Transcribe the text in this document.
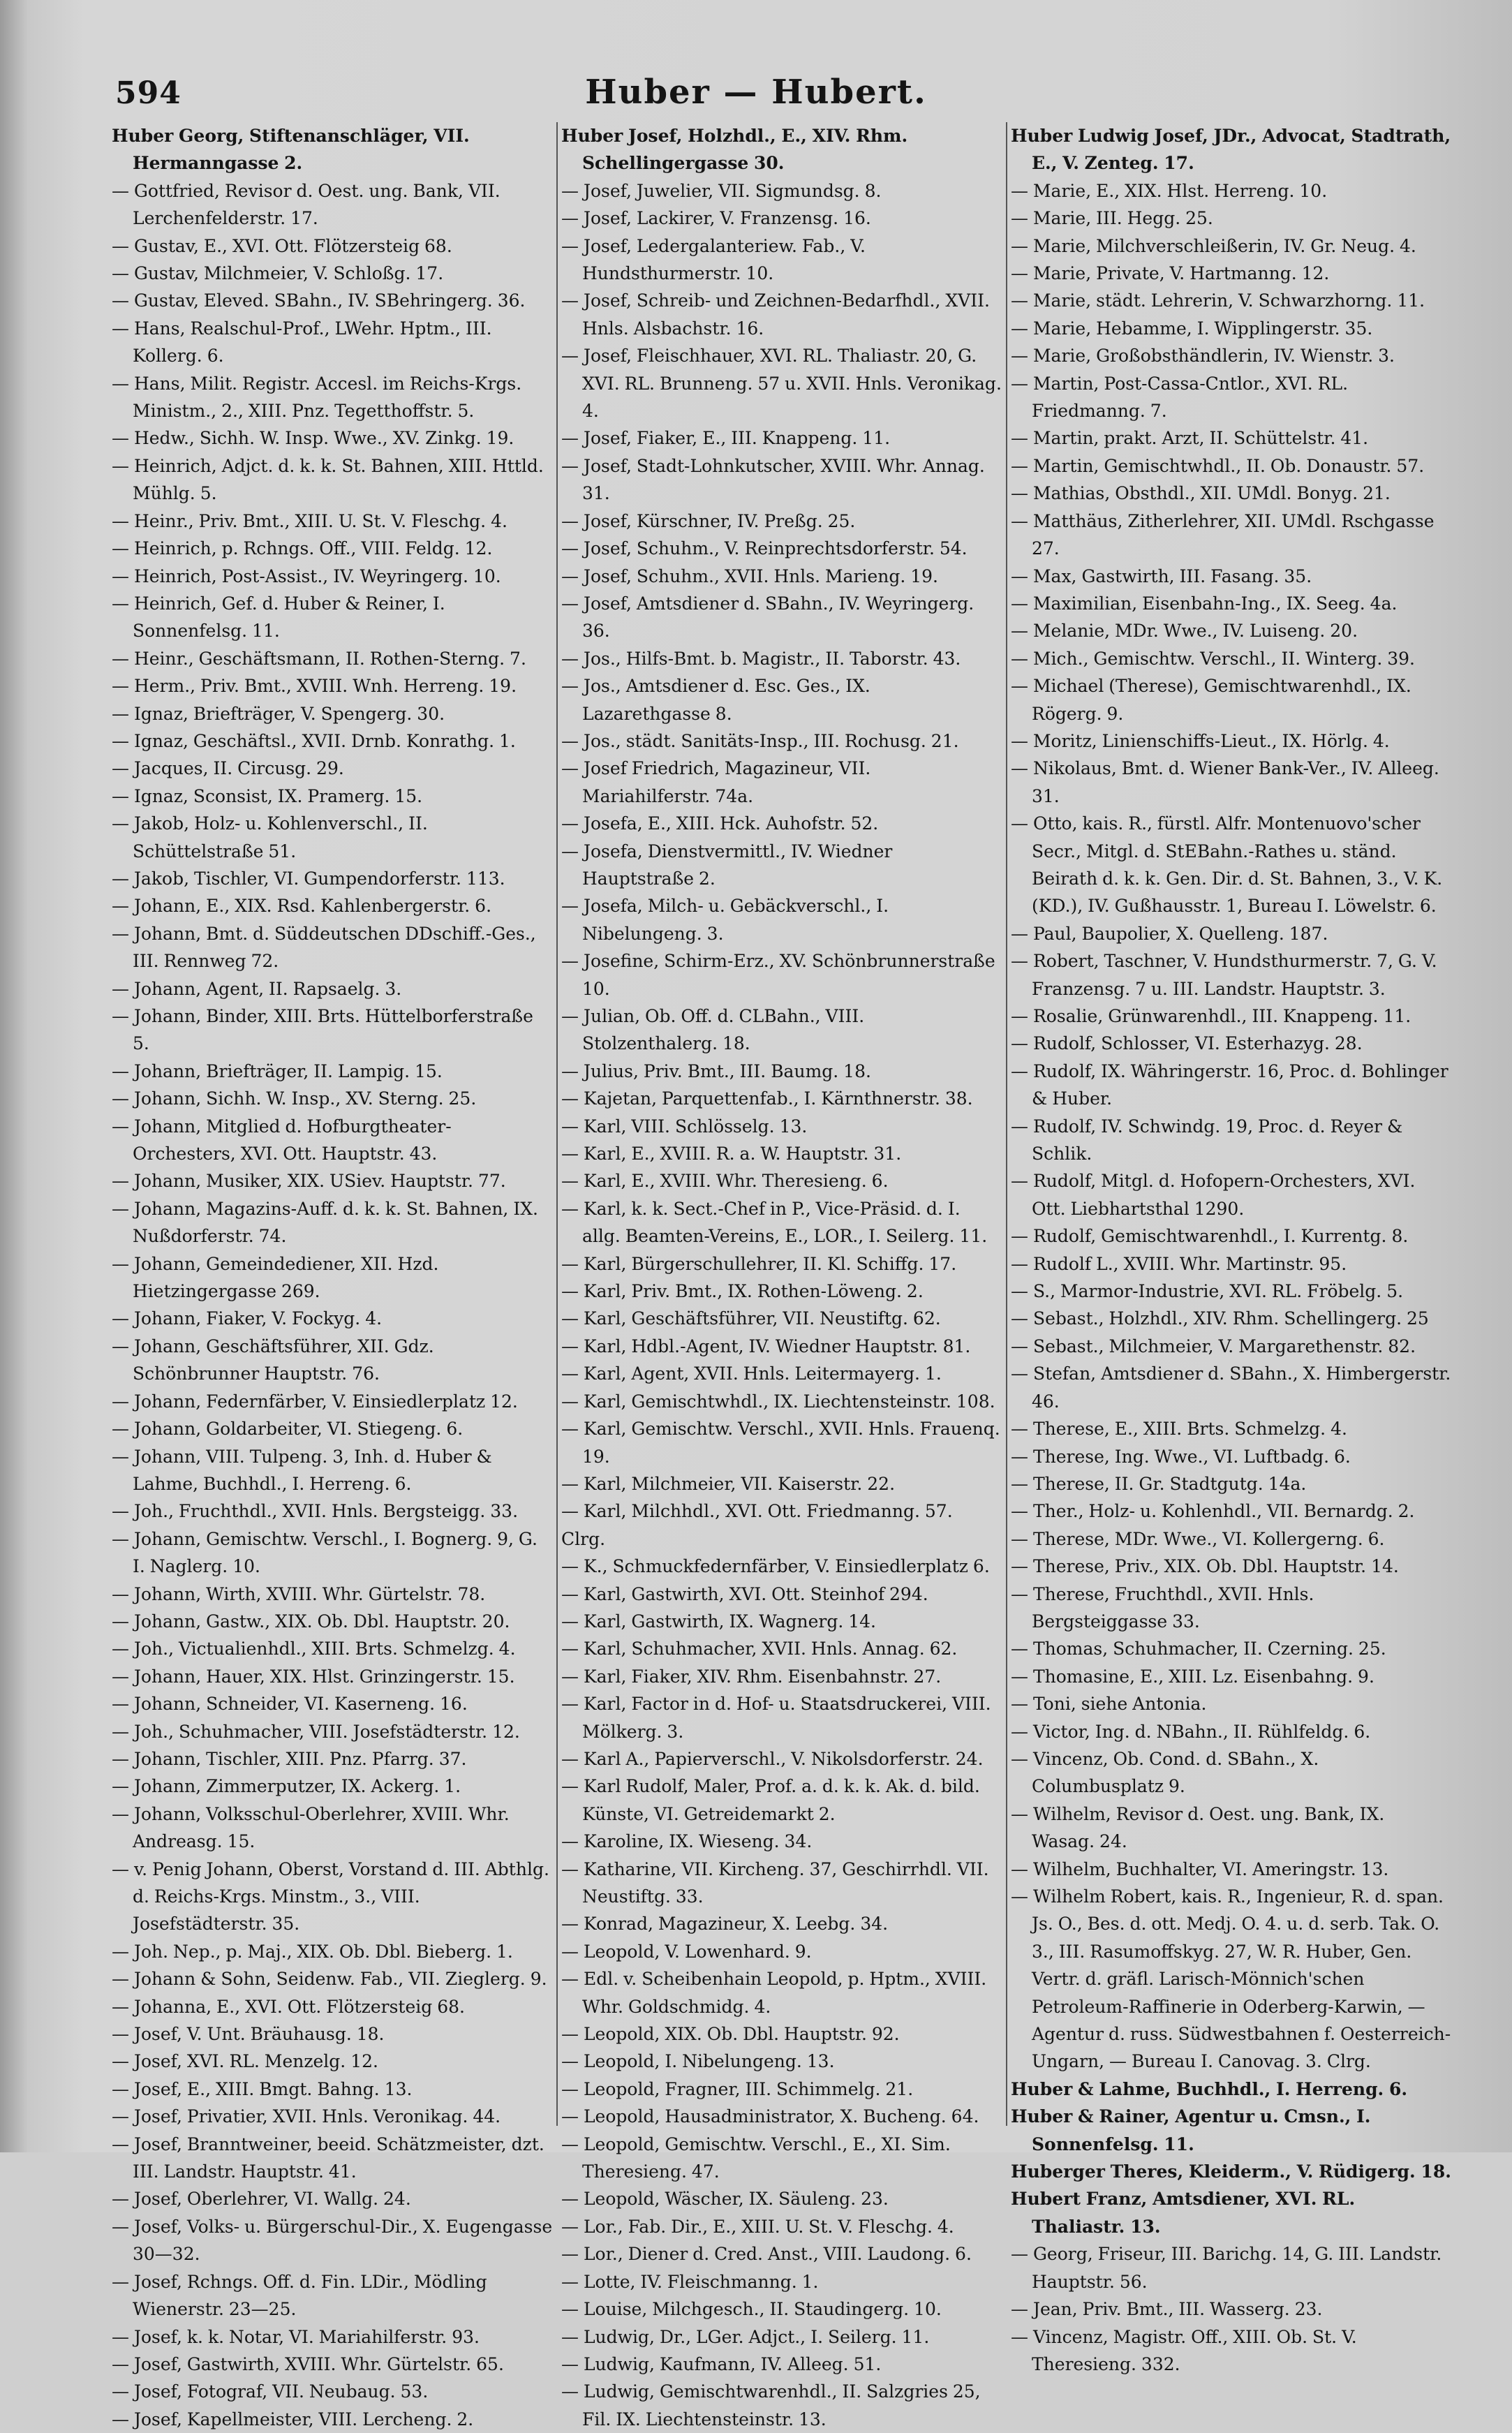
594	Huber — Hubert.
Huber Georg, Stiftenanschläger, VII. Hermanngasse 2.
— Gottfried, Revisor d. Oest. ung. Bank, VII. Lerchenfelderstr. 17.
— Gustav, E., XVI. Ott. Flötzersteig 68.
— Gustav, Milchmeier, V. Schloßg. 17.
— Gustav, Eleved. SBahn., IV. SBehringerg. 36.
— Hans, Realschul-Prof., LWehr. Hptm., III. Kollerg. 6.
— Hans, Milit. Registr. Accesl. im Reichs-Krgs. Ministm., 2., XIII. Pnz. Tegetthoffstr. 5.
— Hedw., Sichh. W. Insp. Wwe., XV. Zinkg. 19.
— Heinrich, Adjct. d. k. k. St. Bahnen, XIII. Httld. Mühlg. 5.
— Heinr., Priv. Bmt., XIII. U. St. V. Fleschg. 4.
— Heinrich, p. Rchngs. Off., VIII. Feldg. 12.
— Heinrich, Post-Assist., IV. Weyringerg. 10.
— Heinrich, Gef. d. Huber & Reiner, I. Sonnenfelsg. 11.
— Heinr., Geschäftsmann, II. Rothen-Sterng. 7.
— Herm., Priv. Bmt., XVIII. Wnh. Herreng. 19.
— Ignaz, Briefträger, V. Spengerg. 30.
— Ignaz, Geschäftsl., XVII. Drnb. Konrathg. 1.
— Jacques, II. Circusg. 29.
— Ignaz, Sconsist, IX. Pramerg. 15.
— Jakob, Holz- u. Kohlenverschl., II. Schüttelstraße 51.
— Jakob, Tischler, VI. Gumpendorferstr. 113.
— Johann, E., XIX. Rsd. Kahlenbergerstr. 6.
— Johann, Bmt. d. Süddeutschen DDschiff.-Ges., III. Rennweg 72.
— Johann, Agent, II. Rapsaelg. 3.
— Johann, Binder, XIII. Brts. Hüttelborferstraße 5.
— Johann, Briefträger, II. Lampig. 15.
— Johann, Sichh. W. Insp., XV. Sterng. 25.
— Johann, Mitglied d. Hofburgtheater-Orchesters, XVI. Ott. Hauptstr. 43.
— Johann, Musiker, XIX. USiev. Hauptstr. 77.
— Johann, Magazins-Auff. d. k. k. St. Bahnen, IX. Nußdorferstr. 74.
— Johann, Gemeindediener, XII. Hzd. Hietzingergasse 269.
— Johann, Fiaker, V. Fockyg. 4.
— Johann, Geschäftsführer, XII. Gdz. Schönbrunner Hauptstr. 76.
— Johann, Federnfärber, V. Einsiedlerplatz 12.
— Johann, Goldarbeiter, VI. Stiegeng. 6.
— Johann, VIII. Tulpeng. 3, Inh. d. Huber & Lahme, Buchhdl., I. Herreng. 6.
— Joh., Fruchthdl., XVII. Hnls. Bergsteigg. 33.
— Johann, Gemischtw. Verschl., I. Bognerg. 9, G. I. Naglerg. 10.
— Johann, Wirth, XVIII. Whr. Gürtelstr. 78.
— Johann, Gastw., XIX. Ob. Dbl. Hauptstr. 20.
— Joh., Victualienhdl., XIII. Brts. Schmelzg. 4.
— Johann, Hauer, XIX. Hlst. Grinzingerstr. 15.
— Johann, Schneider, VI. Kaserneng. 16.
— Joh., Schuhmacher, VIII. Josefstädterstr. 12.
— Johann, Tischler, XIII. Pnz. Pfarrg. 37.
— Johann, Zimmerputzer, IX. Ackerg. 1.
— Johann, Volksschul-Oberlehrer, XVIII. Whr. Andreasg. 15.
— v. Penig Johann, Oberst, Vorstand d. III. Abthlg. d. Reichs-Krgs. Minstm., 3., VIII. Josefstädterstr. 35.
— Joh. Nep., p. Maj., XIX. Ob. Dbl. Bieberg. 1.
— Johann & Sohn, Seidenw. Fab., VII. Zieglerg. 9.
— Johanna, E., XVI. Ott. Flötzersteig 68.
— Josef, V. Unt. Bräuhausg. 18.
— Josef, XVI. RL. Menzelg. 12.
— Josef, E., XIII. Bmgt. Bahng. 13.
— Josef, Privatier, XVII. Hnls. Veronikag. 44.
— Josef, Branntweiner, beeid. Schätzmeister, dzt. III. Landstr. Hauptstr. 41.
— Josef, Oberlehrer, VI. Wallg. 24.
— Josef, Volks- u. Bürgerschul-Dir., X. Eugengasse 30—32.
— Josef, Rchngs. Off. d. Fin. LDir., Mödling Wienerstr. 23—25.
— Josef, k. k. Notar, VI. Mariahilferstr. 93.
— Josef, Gastwirth, XVIII. Whr. Gürtelstr. 65.
— Josef, Fotograf, VII. Neubaug. 53.
— Josef, Kapellmeister, VIII. Lercheng. 2.
Huber Josef, Holzhdl., E., XIV. Rhm. Schellingergasse 30.
— Josef, Juwelier, VII. Sigmundsg. 8.
— Josef, Lackirer, V. Franzensg. 16.
— Josef, Ledergalanteriew. Fab., V. Hundsthurmerstr. 10.
— Josef, Schreib- und Zeichnen-Bedarfhdl., XVII. Hnls. Alsbachstr. 16.
— Josef, Fleischhauer, XVI. RL. Thaliastr. 20, G. XVI. RL. Brunneng. 57 u. XVII. Hnls. Veronikag. 4.
— Josef, Fiaker, E., III. Knappeng. 11.
— Josef, Stadt-Lohnkutscher, XVIII. Whr. Annag. 31.
— Josef, Kürschner, IV. Preßg. 25.
— Josef, Schuhm., V. Reinprechtsdorferstr. 54.
— Josef, Schuhm., XVII. Hnls. Marieng. 19.
— Josef, Amtsdiener d. SBahn., IV. Weyringerg. 36.
— Jos., Hilfs-Bmt. b. Magistr., II. Taborstr. 43.
— Jos., Amtsdiener d. Esc. Ges., IX. Lazarethgasse 8.
— Jos., städt. Sanitäts-Insp., III. Rochusg. 21.
— Josef Friedrich, Magazineur, VII. Mariahilferstr. 74a.
— Josefa, E., XIII. Hck. Auhofstr. 52.
— Josefa, Dienstvermittl., IV. Wiedner Hauptstraße 2.
— Josefa, Milch- u. Gebäckverschl., I. Nibelungeng. 3.
— Josefine, Schirm-Erz., XV. Schönbrunnerstraße 10.
— Julian, Ob. Off. d. CLBahn., VIII. Stolzenthalerg. 18.
— Julius, Priv. Bmt., III. Baumg. 18.
— Kajetan, Parquettenfab., I. Kärnthnerstr. 38.
— Karl, VIII. Schlösselg. 13.
— Karl, E., XVIII. R. a. W. Hauptstr. 31.
— Karl, E., XVIII. Whr. Theresieng. 6.
— Karl, k. k. Sect.-Chef in P., Vice-Präsid. d. I. allg. Beamten-Vereins, E., LOR., I. Seilerg. 11.
— Karl, Bürgerschullehrer, II. Kl. Schiffg. 17.
— Karl, Priv. Bmt., IX. Rothen-Löweng. 2.
— Karl, Geschäftsführer, VII. Neustiftg. 62.
— Karl, Hdbl.-Agent, IV. Wiedner Hauptstr. 81.
— Karl, Agent, XVII. Hnls. Leitermayerg. 1.
— Karl, Gemischtwhdl., IX. Liechtensteinstr. 108.
— Karl, Gemischtw. Verschl., XVII. Hnls. Frauenq. 19.
— Karl, Milchmeier, VII. Kaiserstr. 22.
— Karl, Milchhdl., XVI. Ott. Friedmanng. 57.
Clrg.
— K., Schmuckfedernfärber, V. Einsiedlerplatz 6.
— Karl, Gastwirth, XVI. Ott. Steinhof 294.
— Karl, Gastwirth, IX. Wagnerg. 14.
— Karl, Schuhmacher, XVII. Hnls. Annag. 62.
— Karl, Fiaker, XIV. Rhm. Eisenbahnstr. 27.
— Karl, Factor in d. Hof- u. Staatsdruckerei, VIII. Mölkerg. 3.
— Karl A., Papierverschl., V. Nikolsdorferstr. 24.
— Karl Rudolf, Maler, Prof. a. d. k. k. Ak. d. bild. Künste, VI. Getreidemarkt 2.
— Karoline, IX. Wieseng. 34.
— Katharine, VII. Kircheng. 37, Geschirrhdl. VII. Neustiftg. 33.
— Konrad, Magazineur, X. Leebg. 34.
— Leopold, V. Lowenhard. 9.
— Edl. v. Scheibenhain Leopold, p. Hptm., XVIII. Whr. Goldschmidg. 4.
— Leopold, XIX. Ob. Dbl. Hauptstr. 92.
— Leopold, I. Nibelungeng. 13.
— Leopold, Fragner, III. Schimmelg. 21.
— Leopold, Hausadministrator, X. Bucheng. 64.
— Leopold, Gemischtw. Verschl., E., XI. Sim. Theresieng. 47.
— Leopold, Wäscher, IX. Säuleng. 23.
— Lor., Fab. Dir., E., XIII. U. St. V. Fleschg. 4.
— Lor., Diener d. Cred. Anst., VIII. Laudong. 6.
— Lotte, IV. Fleischmanng. 1.
— Louise, Milchgesch., II. Staudingerg. 10.
— Ludwig, Dr., LGer. Adjct., I. Seilerg. 11.
— Ludwig, Kaufmann, IV. Alleeg. 51.
— Ludwig, Gemischtwarenhdl., II. Salzgries 25, Fil. IX. Liechtensteinstr. 13.
Huber Ludwig Josef, JDr., Advocat, Stadtrath, E., V. Zenteg. 17.
— Marie, E., XIX. Hlst. Herreng. 10.
— Marie, III. Hegg. 25.
— Marie, Milchverschleißerin, IV. Gr. Neug. 4.
— Marie, Private, V. Hartmanng. 12.
— Marie, städt. Lehrerin, V. Schwarzhorng. 11.
— Marie, Hebamme, I. Wipplingerstr. 35.
— Marie, Großobsthändlerin, IV. Wienstr. 3.
— Martin, Post-Cassa-Cntlor., XVI. RL. Friedmanng. 7.
— Martin, prakt. Arzt, II. Schüttelstr. 41.
— Martin, Gemischtwhdl., II. Ob. Donaustr. 57.
— Mathias, Obsthdl., XII. UMdl. Bonyg. 21.
— Matthäus, Zitherlehrer, XII. UMdl. Rschgasse 27.
— Max, Gastwirth, III. Fasang. 35.
— Maximilian, Eisenbahn-Ing., IX. Seeg. 4a.
— Melanie, MDr. Wwe., IV. Luiseng. 20.
— Mich., Gemischtw. Verschl., II. Winterg. 39.
— Michael (Therese), Gemischtwarenhdl., IX. Rögerg. 9.
— Moritz, Linienschiffs-Lieut., IX. Hörlg. 4.
— Nikolaus, Bmt. d. Wiener Bank-Ver., IV. Alleeg. 31.
— Otto, kais. R., fürstl. Alfr. Montenuovo'scher Secr., Mitgl. d. StEBahn.-Rathes u. ständ. Beirath d. k. k. Gen. Dir. d. St. Bahnen, 3., V. K. (KD.), IV. Gußhausstr. 1, Bureau I. Löwelstr. 6.
— Paul, Baupolier, X. Quelleng. 187.
— Robert, Taschner, V. Hundsthurmerstr. 7, G. V. Franzensg. 7 u. III. Landstr. Hauptstr. 3.
— Rosalie, Grünwarenhdl., III. Knappeng. 11.
— Rudolf, Schlosser, VI. Esterhazyg. 28.
— Rudolf, IX. Währingerstr. 16, Proc. d. Bohlinger & Huber.
— Rudolf, IV. Schwindg. 19, Proc. d. Reyer & Schlik.
— Rudolf, Mitgl. d. Hofopern-Orchesters, XVI. Ott. Liebhartsthal 1290.
— Rudolf, Gemischtwarenhdl., I. Kurrentg. 8.
— Rudolf L., XVIII. Whr. Martinstr. 95.
— S., Marmor-Industrie, XVI. RL. Fröbelg. 5.
— Sebast., Holzhdl., XIV. Rhm. Schellingerg. 25
— Sebast., Milchmeier, V. Margarethenstr. 82.
— Stefan, Amtsdiener d. SBahn., X. Himbergerstr. 46.
— Therese, E., XIII. Brts. Schmelzg. 4.
— Therese, Ing. Wwe., VI. Luftbadg. 6.
— Therese, II. Gr. Stadtgutg. 14a.
— Ther., Holz- u. Kohlenhdl., VII. Bernardg. 2.
— Therese, MDr. Wwe., VI. Kollergerng. 6.
— Therese, Priv., XIX. Ob. Dbl. Hauptstr. 14.
— Therese, Fruchthdl., XVII. Hnls. Bergsteiggasse 33.
— Thomas, Schuhmacher, II. Czerning. 25.
— Thomasine, E., XIII. Lz. Eisenbahng. 9.
— Toni, siehe Antonia.
— Victor, Ing. d. NBahn., II. Rühlfeldg. 6.
— Vincenz, Ob. Cond. d. SBahn., X. Columbusplatz 9.
— Wilhelm, Revisor d. Oest. ung. Bank, IX. Wasag. 24.
— Wilhelm, Buchhalter, VI. Ameringstr. 13.
— Wilhelm Robert, kais. R., Ingenieur, R. d. span. Js. O., Bes. d. ott. Medj. O. 4. u. d. serb. Tak. O. 3., III. Rasumoffskyg. 27, W. R. Huber, Gen. Vertr. d. gräfl. Larisch-Mönnich'schen Petroleum-Raffinerie in Oderberg-Karwin, — Agentur d. russ. Südwestbahnen f. Oesterreich-Ungarn, — Bureau I. Canovag. 3. Clrg.
Huber & Lahme, Buchhdl., I. Herreng. 6.
Huber & Rainer, Agentur u. Cmsn., I. Sonnenfelsg. 11.
Huberger Theres, Kleiderm., V. Rüdigerg. 18.
Hubert Franz, Amtsdiener, XVI. RL. Thaliastr. 13.
— Georg, Friseur, III. Barichg. 14, G. III. Landstr. Hauptstr. 56.
— Jean, Priv. Bmt., III. Wasserg. 23.
— Vincenz, Magistr. Off., XIII. Ob. St. V. Theresieng. 332.
